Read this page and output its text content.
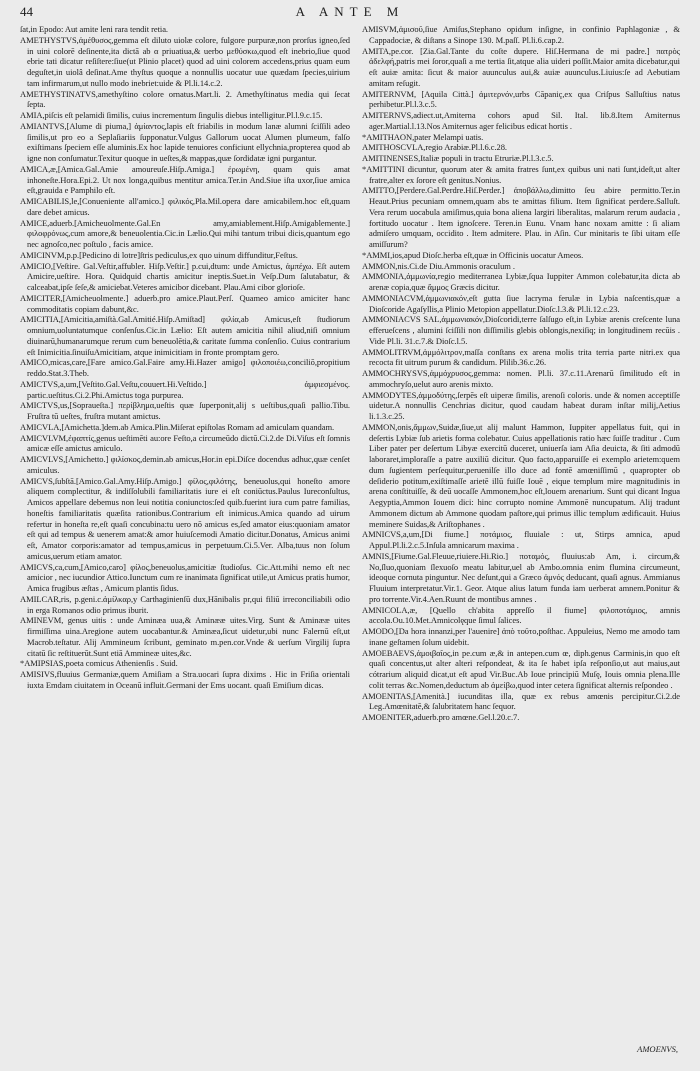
44	A ANTE M

ſat,in Epodo: Aut amite leni rara tendit retia.

AMETHYSTVS,ἀμέθυσος,gemma eſt diluto uiolæ colore, fulgore purpuræ,non prorſus igneo,ſed in uini colorē deſinente,ita dictā ab α priuatiua,& uerbo μεθύσκω,quod eſt inebrio,ſiue quod ebrie tati dicatur reſiſtere:ſiue(ut Plinio placet) quod ad uini colorem accedens,prius quam eum deguſtet,in uiolâ deſinat.Ame thyſtus quoque a nonnullis uocatur uue quædam ſpecies,uirium tam infirmarum,ut nullo modo inebriet:uide & Pl.li.14.c.2.

AMETHYSTINATVS,amethyſtino colore ornatus.Mart.li. 2. Amethyſtinatus media qui ſecat ſepta.

AMIA,piſcis eſt pelamidi ſimilis, cuius incrementum ſingulis diebus intelligitur.Pl.l.9.c.15.

AMIANTVS,[Alume di piuma,] ἀμίαντος,lapis eſt friabilis in modum lanæ alumni ſciſſili adeo ſimilis,ut pro eo a Seplaſiariis ſupponatur.Vulgus Gallorum uocat Alumen plumeum, falſo exiſtimans ſpeciem eſſe aluminis.Ex hoc lapide tenuiores conficiunt ellychnia,propterea quod ab igne non conſumatur.Texitur quoque in ueſtes,& mappas,quæ ſordidatæ igni purgantur.

AMICA,æ,[Amica.Gal.Amie amoureuſe.Hiſp.Amiga.] ἐρωμένη, quam quis amat inhoneſte.Hora.Epi.2. Ut nox longa,quibus mentitur amica.Ter.in And.Siue iſta uxor,ſiue amica eſt,grauida e Pamphilo eſt.

AMICABILIS,le,[Conueniente all'amico.] φιλικός,Pla.Mil.opera dare amicabilem.hoc eſt,quam dare debet amicus.

AMICE,aduerb.[Amicheuolmente.Gal.En amy,amiablement.Hiſp.Amigablemente.] φιλοφρόνως,cum amore,& beneuolentia.Cic.in Lælio.Qui mihi tantum tribui dicis,quantum ego nec agnoſco,nec poſtulo , facis amice.

AMICINVM,p.p.[Pedicino di lotre]ſtris pediculus,ex quo uinum diffunditur,Feſtus.

AMICIO,[Veſtire. Gal.Veſtir,affubler. Hiſp.Veſtir.] p.cui,dtum: unde Amictus, ἀμπέχω. Eſt autem Amicire,ueſtire. Hora. Quidquid chartis amicitur ineptis.Suet.in Veſp.Dum ſalutabatur, & calceabat,ipſe ſeſe,& amiciebat.Veteres amicibor dicebant. Plau.Ami cibor glorioſe.

AMICITER,[Amicheuolmente.] aduerb.pro amice.Plaut.Perſ. Quameo amico amiciter hanc commoditatis copiam dabunt,&c.

AMICITIA,[Amicitia,amiſtà.Gal.Amitié.Hiſp.Amiſtad] φιλία,ab Amicus,eſt ſtudiorum omnium,uoluntatumque conſenſus.Cic.in Lælio: Eſt autem amicitia nihil aliud,niſi omnium diuinarū,humanarumque rerum cum beneuolētia,& caritate ſumma conſenſio. Cuius contrarium eſt Inimicitia.ſinuiſuAmicitiam, atque inimicitiam in fronte promptam gero.

AMICO,micas,care,[Fare amico.Gal.Faire amy.Hi.Hazer amigo] φιλοποιέω,conciliō,propitium reddo.Stat.3.Theb.

AMICTVS,a,um,[Veſtito.Gal.Veſtu,couuert.Hi.Veſtido.] ἀμφιεσμένος. partic.ueſtitus.Ci.2.Phi.Amictus toga purpurea.

AMICTVS,us,[Sopraueſta.] περίβλημα,ueſtis quæ ſuperponit,alij s ueſtibus,quaſi pallio.Tibu. Fruſtra tū ueſtes, fruſtra mutant amictus.

AMICVLA,[Amichetta.]dem.ab Amica.Plin.Miſerat epiſtolas Romam ad amiculam quandam.

AMICVLVM,ἐφαπτίς,genus ueſtimēti au:ore Feſto,a circumeūdo dictū.Ci.2.de Di.Viſus eſt ſomnis amicæ eſſe amictus amiculo.

AMICVLVS,[Amichetto.] φιλίσκος,demin.ab amicus,Hor.in epi.Diſce docendus adhuc,quæ cenſet amiculus.

AMICVS,ſubſtā.[Amico.Gal.Amy.Hiſp.Amigo.] φίλος,φιλότης, beneuolus,qui honeſto amore aliquem complectitur, & indiſſolubili familiaritatis iure ei eſt coniūctus.Paulus Iureconſultus, Amicos appellare debemus non leui notitia coniunctos:ſed quib.fuerint iura cum patre familias, honeſtis familiaritatis quæſita rationibus.Contrarium eſt inimicus.Amica quando ad uirum refertur in honeſta re,eſt quaſi concubina:tu uero nō amicus es,ſed amator eius:quoniam amator eſt qui ad tempus & uenerem amat:& amor huiuſcemodi Amatio dicitur.Donatus, Amicus animi eſt, Amator corporis:amator ad tempus,amicus in perpetuum.Ci.5.Ver. Alba,tuus non ſolum amicus,uerum etiam amator.

AMICVS,ca,cum,[Amico,caro] φίλος,beneuolus,amicitiæ ſtudioſus. Cic.Att.mihi nemo eſt nec amicior , nec iucundior Attico.Iunctum cum re inanimata ſignificat utile,ut Amicus pratis humor, Amica frugibus æſtas , Amicum plantis ſidus.

AMILCAR,ris, p.geni.c.ἀμίλκαρ,y Carthaginienſū dux,Hānibalis pr,qui filiū irreconciliabili odio in erga Romanos odio primus iburit.

AMINEVM, genus uitis : unde Aminæa uua,& Aminææ uites.Virg. Sunt & Aminææ uites firmiſſima uina.Aregione autem uocabantur.& Aminæa,ſicut uidetur,ubi nunc Falernū eſt,ut Macrob.teſtatur. Alij Ammineum ſcribunt, geminato m.pen.cor.Vnde & uerſum Virgilij ſupra citatū ſic reſtituerūt.Sunt etiā Ammineæ uites,&c.

*AMIPSIAS,poeta comicus Athenienſis . Suid.

AMISIVS,fluuius Germaniæ,quem Amiſiam a Stra.uocari ſupra dixims . Hic in Friſia orientali iuxta Emdam ciuitatem in Oceanū influit.Germani der Ems uocant. quaſi Emiſium dicas.

AMISVM,ἀμισοῦ,ſiue Amiſus,Stephano opidum inſigne, in confinio Paphlagoniæ , & Cappadociæ, & diſtans a Sinope 130. M.paſſ. Pl.li.6.cap.2.

AMITA,pe.cor. [Zia.Gal.Tante du coſte dupere. Hiſ.Hermana de mi padre.] πατρὸς ἀδελφή,patris mei ſoror,quaſi a me tertia ſit,atque alia uideri poſſit.Maior amita dicebatur,qui eſt auiæ amita: ſicut & maior auunculus aui,& auiæ auunculus.Liuius:ſe ad Aebutiam amitam reſugit.

AMITERNVM, [Aquila Città.] ἀμιτερνόν,urbs Cāpaniç,ex qua Criſpus Salluſtius natus perhibetur.Pl.l.3.c.5.

AMITERNVS,adiect.ut,Amiterna cohors apud Sil. Ital. lib.8.Item Amiternus ager.Martial.l.13.Nos Amiternus ager felicibus edicat hortis .

*AMITHAON,pater Melampi uatis.

AMITHOSCVLA,regio Arabiæ.Pl.l.6.c.28.

AMITINENSES,Italiæ populi in tractu Etruriæ.Pl.l.3.c.5.

*AMITTINI dicuntur, quorum ater & amita fratres ſunt,ex quibus uni nati ſunt,ideſt,ut alter fratre,alter ex ſorore eſt genitus.Nonius.

AMITTO,[Perdere.Gal.Perdre.Hiſ.Perder.] ἀποβάλλω,dimitto ſeu abire permitto.Ter.in Heaut.Prius pecuniam omnem,quam abs te amittas filium. Item ſignificat perdere.Salluſt. Vera rerum uocabula amiſimus,quia bona aliena largiri liberalitas, malarum rerum audacia , fortitudo uocatur . Item ignoſcere. Teren.in Eunu. Vnam hanc noxam amitte : ſi aliam admiſero umquam, occidito . Item admitere. Plau. in Aſin. Cur minitaris te ſibi uitam eſſe amiſſurum?

*AMMI,ios,apud Dioſc.herba eſt,quæ in Officinis uocatur Ameos.

AMMON,nis.Ci.de Diu.Ammonis oraculum .

AMMONIA,ἀμμωνία,regio mediterranea Lybiæ,ſqua Iuppiter Ammon colebatur,ita dicta ab arenæ copia,quæ ἄμμος Græcis dicitur.

AMMONIACVM,ἀμμωνιακόν,eſt gutta ſiue lacryma ferulæ in Lybia naſcentis,quæ a Dioſcoride Agaſyllis,a Plinio Metopion appellatur.Dioſc.l.3.& Pl.li.12.c.23.

AMMONIACVS SAL,ἀμμωνιακόν,Dioſcoridi,terre ſalſugo eſt,in Lybiæ arenis creſcente luna efferueſcens , alumini ſciſſili non diſſimilis glebis oblongis,nexiſiq; in longitudinem recūis . Vide Pl.li. 31.c.7.& Dioſc.l.5.

AMMOLITRVM,ἀμμόλιτρον,maſſa conſtans ex arena molis trita terria parte nitri.ex qua recocta fit uitrum purum & candidum. Plilib.36.c.26.

AMMOCHRYSVS,ἀμμόχρυσος,gemma: nomen. Pl.li. 37.c.11.Arenarū ſimilitudo eſt in ammochryſo,uelut auro arenis mixto.

AMMODYTES,ἀμμοδύτης,ſerpēs eſt uiperæ ſimilis, arenoſi coloris. unde & nomen acceptiſſe uidetur.A nonnullis Cenchrias dicitur, quod caudam habeat duram inſtar milij,Aetius li.1.3.c.25.

AMMON,onis,ἄμμων,Suidæ,ſiue,ut alij malunt Hammon, Iuppiter appellatus fuit, qui in deſertis Lybiæ ſub arietis forma colebatur. Cuius appellationis ratio hæc ſuiſſe traditur . Cum Liber pater per deſertum Libyæ exercitū duceret, uniuerſa iam Aſia deuicta, & ſiti admodū laboraret,imploraſſe a patre auxiliū dicitur. Quo facto,apparuiſſe ei exemplo arietem:quem dum ſugientem perſequitur,peruenilſe illo duce ad fontē amœniſſimū , quapropter ob deſiderio potitum,exiſtimaſſe arietē illū fuiſſe Iouē , eique templum mire magnitudinis in arena conſtituiſſe, & deū uocaſſe Ammonem,hoc eſt,louem arenarium. Sunt qui dicant Ingua Aegyptia,Ammon Iouem dici: hinc corrupto nomine Ammonē nuncupatum. Alij tradunt Ammonem dictum ab Ammone quodam paſtore,qui primus illic templum ædificauit. Huius meminere Suidas,& Ariſtophanes .

AMNICVS,a,um,[Di fiume.] ποτάμιος, fluuiale : ut, Stirps amnica, apud Appul.Pl.li.2.c.5.Inſula amnicarum maxima .

AMNIS,[Fiume.Gal.Fleuue,riuiere.Hi.Rio.] ποταμός, fluuius:ab Am, i. circum,& No,ſluo,quoniam ſlexuoſo meatu labitur,uel ab Ambo.omnia enim flumina circumeunt, ideoque cornuta pinguntur. Nec deſunt,qui a Græco ἀμνός deducant, quaſi agnus. Ammianus Fluuium interpretatur.Vir.1. Geor. Atque alius latum funda iam uerberat amnem.Ponitur & pro torrente.Vir.4.Aen.Ruunt de montibus amnes .

AMNICOLA,æ, [Quello ch'abita appreſſo il fiume] φιλοποτάμιος, amnis accola.Ou.10.Met.Amnicolęque ſimul ſalices.

AMODO,[Da hora innanzi,per l'auenire] ἀπὸ τοῦτο,poſthac. Appuleius, Nemo me amodo tam inane geſtamen ſolum uidebit.

AMOEBAEVS,ἀμοιβαῖος,in pe.cum æ,& in antepen.cum œ, diph.genus Carminis,in quo eſt quaſi concentus,ut alter alteri reſpondeat, & ita ſe habet ipſa reſponſio,ut aut maius,aut cótrarium aliquid dicat,ut eſt apud Vir.Buc.Ab Ioue principiū Muſę, Iouis omnia plena.Ille colit terras &c.Nomen,deductum ab ἀμείβω,quod inter cetera ſignificat alternis reſpondeo .

AMOENITAS,[Amenità.] iucunditas illa, quæ ex rebus amœnis percipitur.Ci.2.de Leg.Amœnitatē,& ſalubritatem hanc ſequor.

AMOENITER,aduerb.pro amœne.Gel.l.20.c.7.

AMOENVS,
